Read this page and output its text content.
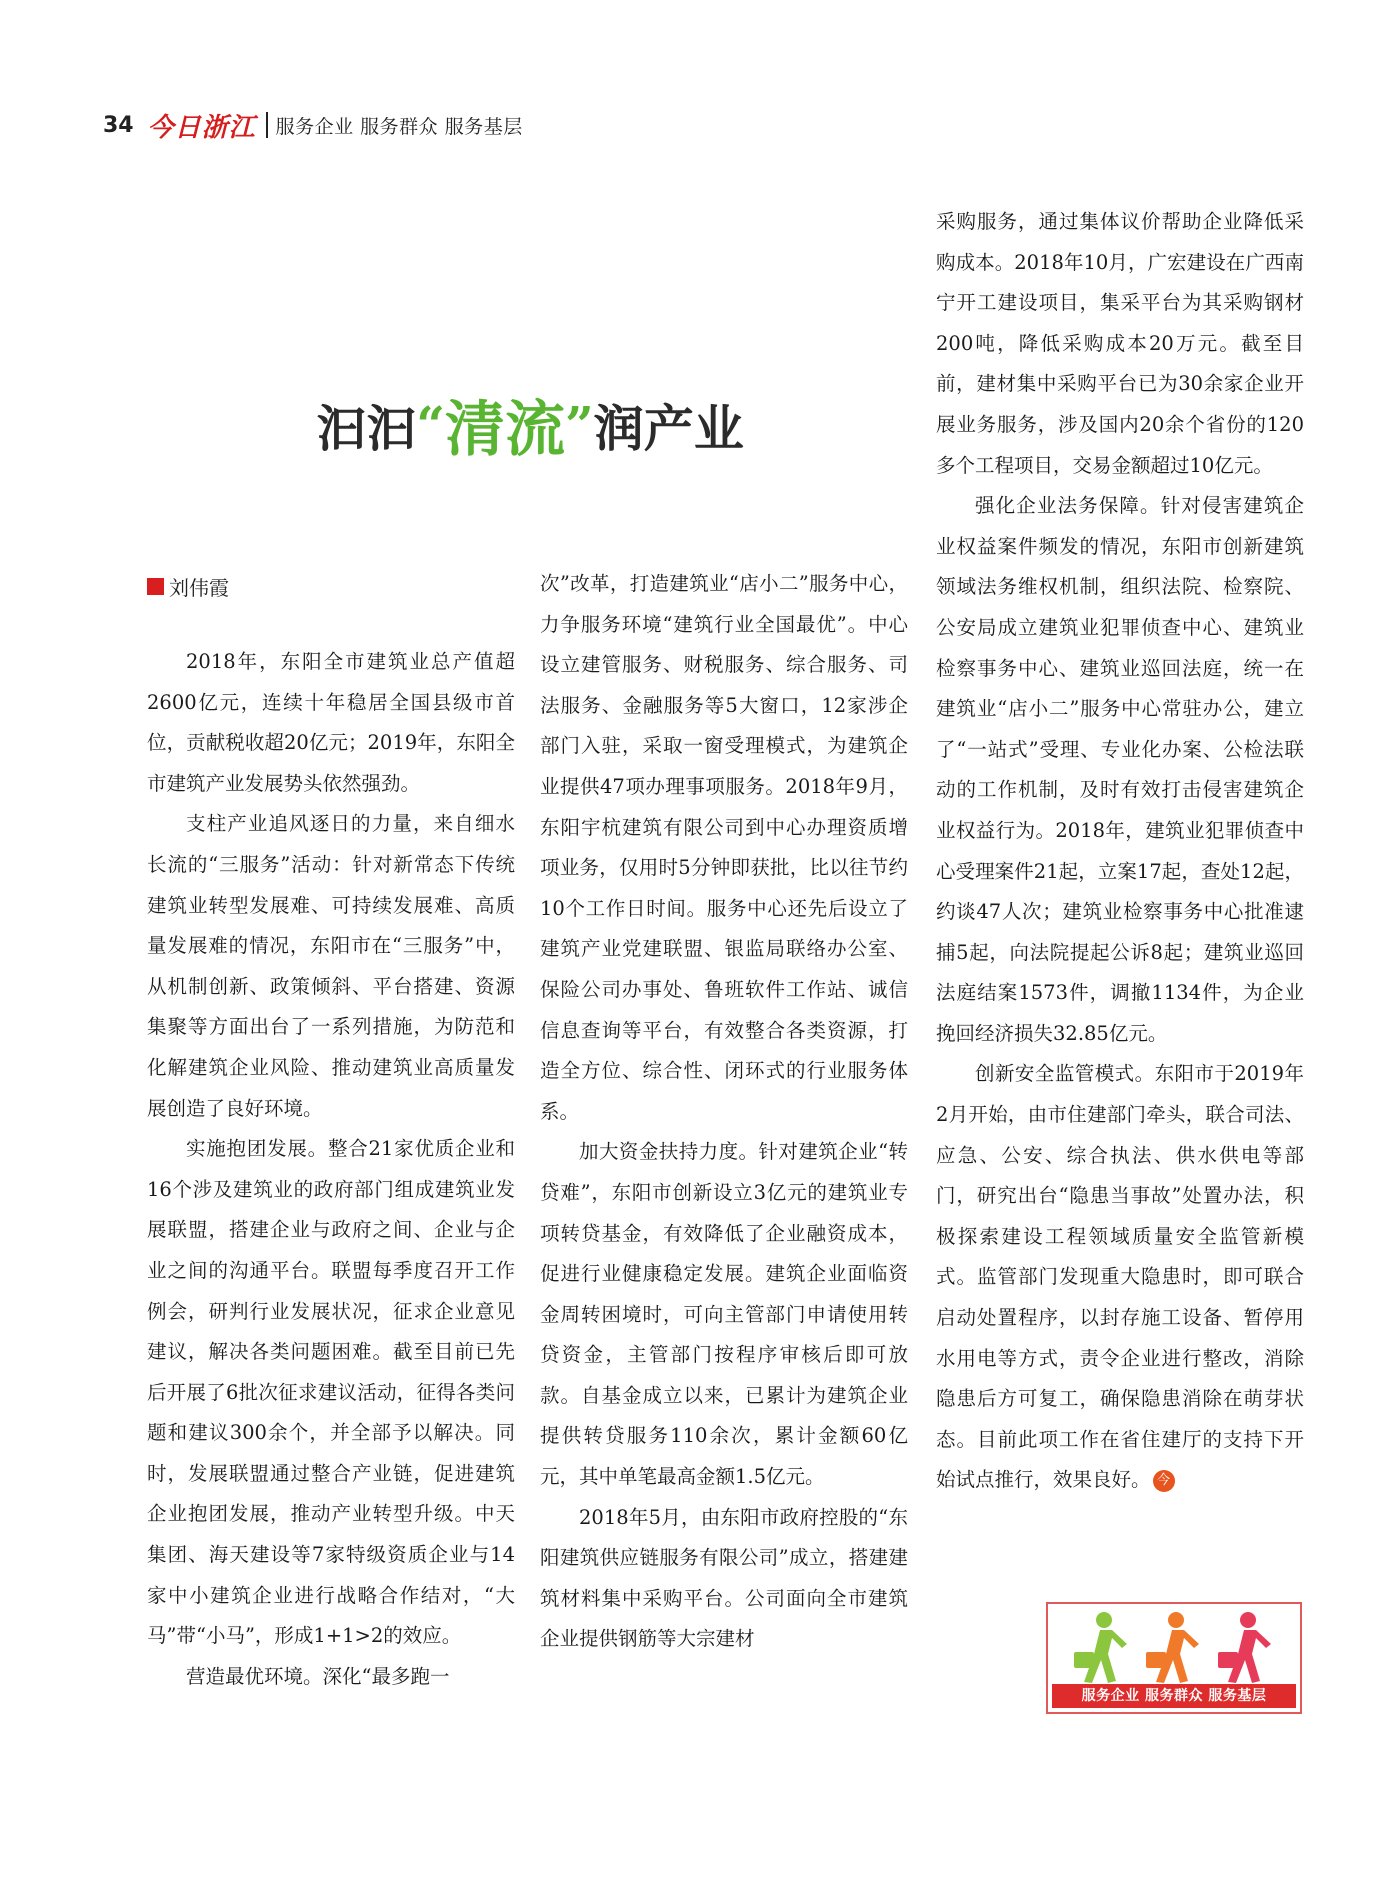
34 今日浙江 服务企业 服务群众 服务基层
汩汩 “ 清流 ” 润产业
刘伟霞

2018年，东阳全市建筑业总产值超2600亿元，连续十年稳居全国县级市首位，贡献税收超20亿元；2019年，东阳全市建筑产业发展势头依然强劲。

支柱产业追风逐日的力量，来自细水长流的“三服务”活动：针对新常态下传统建筑业转型发展难、可持续发展难、高质量发展难的情况，东阳市在“三服务”中，从机制创新、政策倾斜、平台搭建、资源集聚等方面出台了一系列措施，为防范和化解建筑企业风险、推动建筑业高质量发展创造了良好环境。

实施抱团发展。整合21家优质企业和16个涉及建筑业的政府部门组成建筑业发展联盟，搭建企业与政府之间、企业与企业之间的沟通平台。联盟每季度召开工作例会，研判行业发展状况，征求企业意见建议，解决各类问题困难。截至目前已先后开展了6批次征求建议活动，征得各类问题和建议300余个，并全部予以解决。同时，发展联盟通过整合产业链，促进建筑企业抱团发展，推动产业转型升级。中天集团、海天建设等7家特级资质企业与14家中小建筑企业进行战略合作结对，“大马”带“小马”，形成1+1>2的效应。

营造最优环境。深化“最多跑一

次”改革，打造建筑业“店小二”服务中心，力争服务环境“建筑行业全国最优”。中心设立建管服务、财税服务、综合服务、司法服务、金融服务等5大窗口，12家涉企部门入驻，采取一窗受理模式，为建筑企业提供47项办理事项服务。2018年9月，东阳宇杭建筑有限公司到中心办理资质增项业务，仅用时5分钟即获批，比以往节约10个工作日时间。服务中心还先后设立了建筑产业党建联盟、银监局联络办公室、保险公司办事处、鲁班软件工作站、诚信信息查询等平台，有效整合各类资源，打造全方位、综合性、闭环式的行业服务体系。

加大资金扶持力度。针对建筑企业“转贷难”，东阳市创新设立3亿元的建筑业专项转贷基金，有效降低了企业融资成本，促进行业健康稳定发展。建筑企业面临资金周转困境时，可向主管部门申请使用转贷资金，主管部门按程序审核后即可放款。自基金成立以来，已累计为建筑企业提供转贷服务110余次，累计金额60亿元，其中单笔最高金额1.5亿元。

2018年5月，由东阳市政府控股的“东阳建筑供应链服务有限公司”成立，搭建建筑材料集中采购平台。公司面向全市建筑企业提供钢筋等大宗建材

采购服务，通过集体议价帮助企业降低采购成本。2018年10月，广宏建设在广西南宁开工建设项目，集采平台为其采购钢材200吨，降低采购成本20万元。截至目前，建材集中采购平台已为30余家企业开展业务服务，涉及国内20余个省份的120多个工程项目，交易金额超过10亿元。

强化企业法务保障。针对侵害建筑企业权益案件频发的情况，东阳市创新建筑领域法务维权机制，组织法院、检察院、公安局成立建筑业犯罪侦查中心、建筑业检察事务中心、建筑业巡回法庭，统一在建筑业“店小二”服务中心常驻办公，建立了“一站式”受理、专业化办案、公检法联动的工作机制，及时有效打击侵害建筑企业权益行为。2018年，建筑业犯罪侦查中心受理案件21起，立案17起，查处12起，约谈47人次；建筑业检察事务中心批准逮捕5起，向法院提起公诉8起；建筑业巡回法庭结案1573件，调撤1134件，为企业挽回经济损失32.85亿元。

创新安全监管模式。东阳市于2019年2月开始，由市住建部门牵头，联合司法、应急、公安、综合执法、供水供电等部门，研究出台“隐患当事故”处置办法，积极探索建设工程领域质量安全监管新模式。监管部门发现重大隐患时，即可联合启动处置程序，以封存施工设备、暂停用水用电等方式，责令企业进行整改，消除隐患后方可复工，确保隐患消除在萌芽状态。目前此项工作在省住建厅的支持下开始试点推行，效果良好。 今

服务企业 服务群众 服务基层
